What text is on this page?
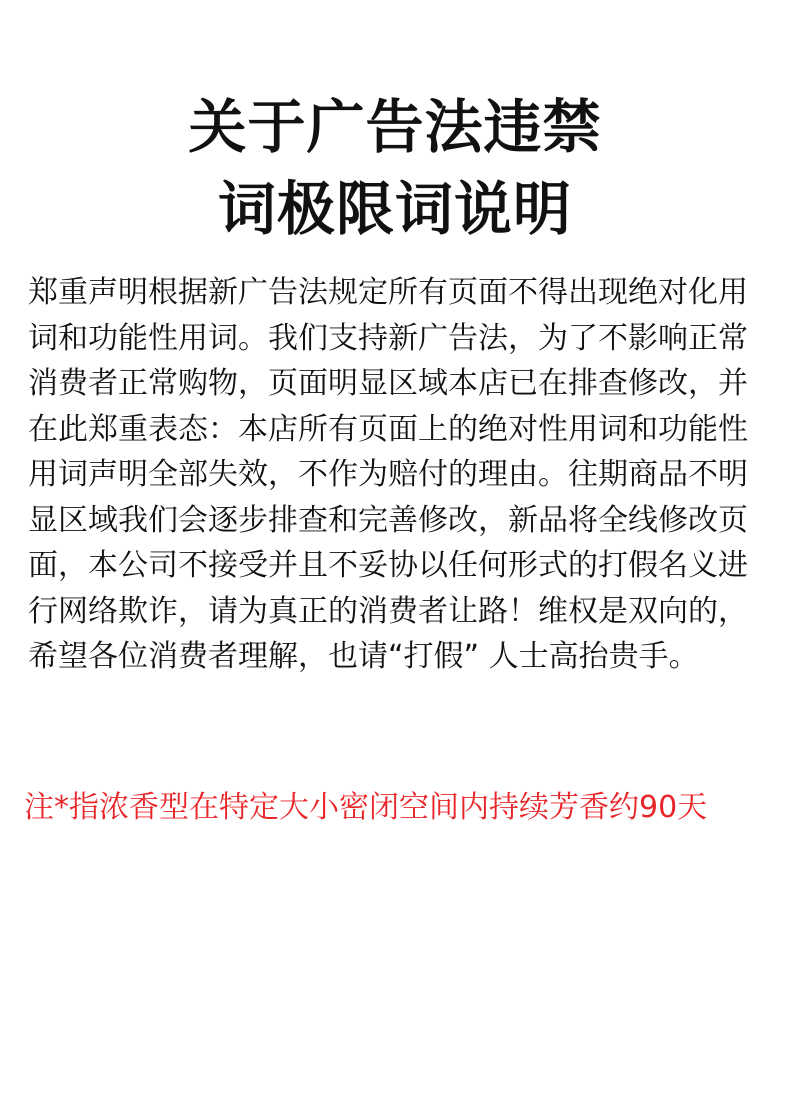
关于广告法违禁
词极限词说明

郑重声明根据新广告法规定所有页面不得出现绝对化用词和功能性用词。我们支持新广告法，为了不影响正常消费者正常购物，页面明显区域本店已在排查修改，并在此郑重表态：本店所有页面上的绝对性用词和功能性用词声明全部失效，不作为赔付的理由。往期商品不明显区域我们会逐步排查和完善修改，新品将全线修改页面，本公司不接受并且不妥协以任何形式的打假名义进行网络欺诈，请为真正的消费者让路！维权是双向的，希望各位消费者理解，也请“打假” 人士高抬贵手。

注*指浓香型在特定大小密闭空间内持续芳香约90天
